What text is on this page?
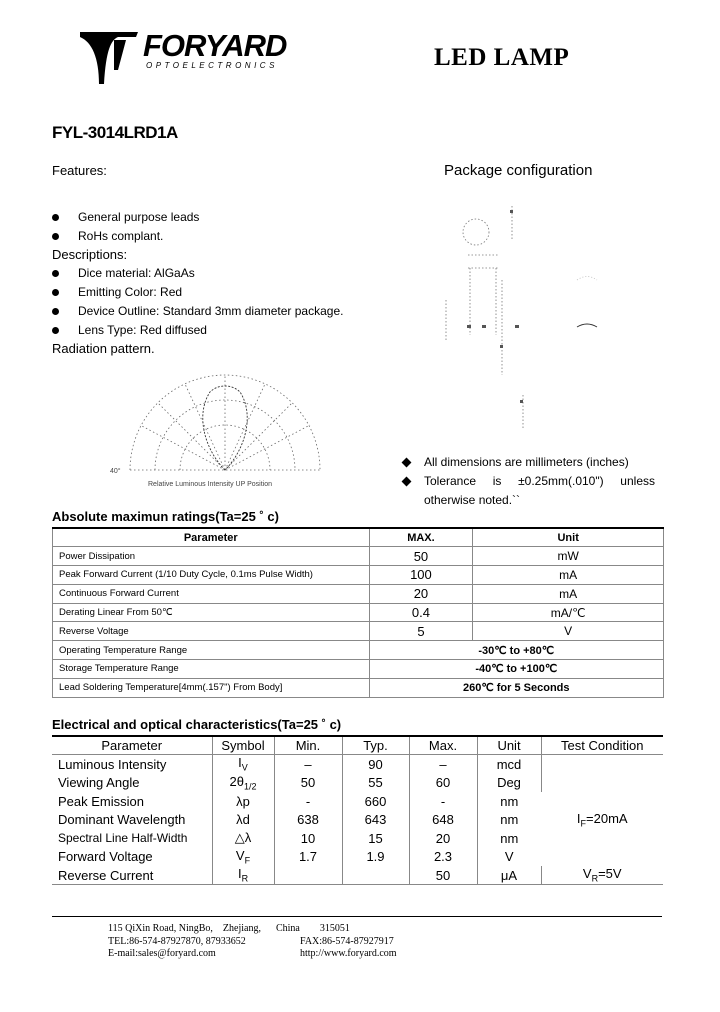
FORYARD
OPTOELECTRONICS	LED LAMP
FYL-3014LRD1A
Features:
General purpose leads
RoHs complant.
Descriptions:
Dice material: AlGaAs
Emitting Color: Red
Device Outline: Standard 3mm diameter package.
Lens Type: Red diffused
Radiation pattern.
40°
Relative Luminous Intensity UP Position
Package configuration
All dimensions are millimeters (inches)
Tolerance is ±0.25mm(.010") unless otherwise noted.``
Absolute maximun ratings(Ta=25 ˚ c)
Parameter	MAX.	Unit
Power Dissipation	50	mW
Peak Forward Current (1/10 Duty Cycle, 0.1ms Pulse Width)	100	mA
Continuous Forward Current	20	mA
Derating Linear From 50℃	0.4	mA/℃
Reverse Voltage	5	V
Operating Temperature Range	-30℃ to +80℃	
Storage Temperature Range	-40℃ to +100℃	
Lead Soldering Temperature[4mm(.157") From Body]	260℃ for 5 Seconds	
Electrical and optical characteristics(Ta=25 ˚ c)
Parameter	Symbol	Min.	Typ.	Max.	Unit	Test Condition
Luminous Intensity	$I_V$	–	90	–	mcd	
Viewing Angle	$2\theta_{1/2}$	50	55	60	Deg	$I_F=20mA$
Peak Emission	λp	-	660	-	nm	
Dominant Wavelength	λd	638	643	648	nm	
Spectral Line Half-Width	△λ	10	15	20	nm	
Forward Voltage	$V_F$	1.7	1.9	2.3	V	
Reverse Current	$I_R$			50	μA	$V_R=5V$
115 QiXin Road, NingBo,    Zhejiang,      China        315051
TEL:86-574-87927870, 87933652	FAX:86-574-87927917
E-mail:sales@foryard.com	http://www.foryard.com
